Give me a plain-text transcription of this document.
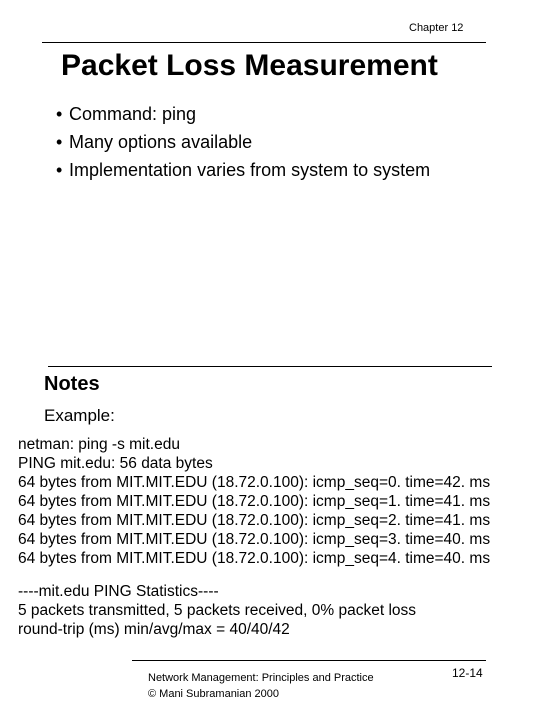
Chapter 12
Packet Loss Measurement
• Command: ping
• Many options available
• Implementation varies from system to system
Notes
Example:
netman: ping -s mit.edu
PING mit.edu: 56 data bytes
64 bytes from MIT.MIT.EDU (18.72.0.100): icmp_seq=0. time=42. ms
64 bytes from MIT.MIT.EDU (18.72.0.100): icmp_seq=1. time=41. ms
64 bytes from MIT.MIT.EDU (18.72.0.100): icmp_seq=2. time=41. ms
64 bytes from MIT.MIT.EDU (18.72.0.100): icmp_seq=3. time=40. ms
64 bytes from MIT.MIT.EDU (18.72.0.100): icmp_seq=4. time=40. ms
----mit.edu PING Statistics----
5 packets transmitted, 5 packets received, 0% packet loss
round-trip (ms) min/avg/max = 40/40/42
Network Management: Principles and Practice
© Mani Subramanian 2000
12-14
